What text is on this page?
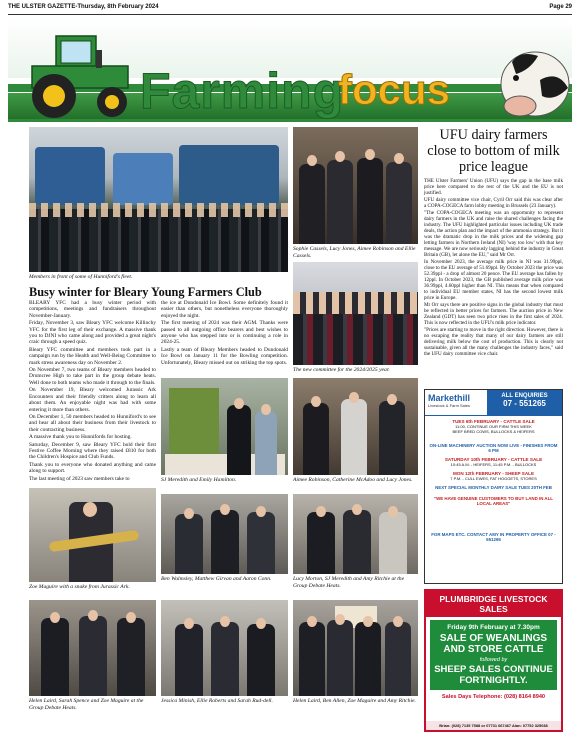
THE ULSTER GAZETTE-Thursday, 8th February 2024	Page 29
Farming
focus
Members in front of some of Hunniford's fleet.
Busy winter for Bleary Young Farmers Club

BLEARY YFC had a busy winter period with competitions, meetings and fundraisers throughout November-January.

Friday, November 3, saw Bleary YFC welcome Killinchy YFC for the first leg of their exchange. A massive thank you to DJNI who came along and provided a great night's craic through a speed quiz.

Bleary YFC committee and members took part in a campaign run by the Health and Well-Being Committee to mark stress awareness day on November 2.

On November 7, two teams of Bleary members headed to Drumcree High to take part in the group debate heats. Well done to both teams who made it through to the finals.

On November 19, Bleary welcomed Jurassic Ark Encounters and their friendly critters along to learn all about them. An enjoyable night was had with some entering it more than others.

On December 1, 50 members headed to Hunniford's to see and hear all about their business from their livestock to their contracting business.

A massive thank you to Hunnifords for hosting.

Saturday, December 9, saw Bleary YFC hold their first Festive Coffee Morning where they raised £810 for both the Children's Hospice and Club Funds.

Thank you to everyone who donated anything and came along to support.

The last meeting of 2023 saw members take to

the ice at Dundonald Ice Bowl. Some definitely found it easier than others, but nonetheless everyone thoroughly enjoyed the night.

The first meeting of 2024 was their AGM. Thanks were passed to all outgoing office bearers and best wishes to anyone who has stepped into or is continuing a role in 2024-25.

Lastly a team of Bleary Members headed to Dundonald Ice Bowl on January 11 for the Bowling competition. Unfortunately, Bleary missed out on striking the top spots.

Sophie Cassels, Lucy Jones, Aimee Robinson and Ellie Cassels.
The new committee for the 2024/2025 year.
UFU dairy farmers close to bottom of milk price league

THE Ulster Farmers' Union (UFU) says the gap in the base milk price here compared to the rest of the UK and the EU is not justified.

UFU dairy committee vice chair, Cyril Orr said this was clear after a COPA-COGECA farm lobby meeting in Brussels (23 January).

"The COPA-COGECA meeting was an opportunity to represent dairy farmers in the UK and raise the shared challenges facing the industry. The UFU highlighted particular issues including UK trade deals, the action plan and the impact of the ammonia strategy. But it was the dramatic drop in the milk prices and the widening gap letting farmers in Northern Ireland (NI) 'way too low' with that key message. We are now seriously lagging behind the industry in Great Britain (GB), let alone the EU," said Mr Orr.

In November 2023, the average milk price in NI was 31.99ppl, close to the EU average of 51.69ppl. By October 2023 the price was 52.39ppl - a drop of almost 20 pence. The EU average has fallen by 12ppl. In October 2023, the GB published average milk price was 36.99ppl, 4.60ppl higher than NI. This means that when compared to individual EU member states, NI has the second lowest milk price in Europe.

Mr Orr says there are positive signs in the global industry that must be reflected in better prices for farmers. The auction price in New Zealand (GDT) has seen two price rises in the first sales of 2024. This is now reflected in the UFU's milk price indicator.

"Prices are starting to move in the right direction. However, there is no escaping the reality that many of our dairy farmers are still delivering milk below the cost of production. This is clearly not sustainable, given all the many challenges the industry faces," said the UFU dairy committee vice chair.

SJ Meredith and Emily Hamilton.	Aimee Robinson, Catherine McAdoo and Lucy Jones.
Zoe Maguire with a snake from Jurassic Ark.
Ben Walmsley, Matthew Girvan and Aaron Conn.	Lucy Morton, SJ Meredith and Amy Ritchie at the Group Debate Heats.
Helen Laird, Sarah Spence and Zoe Maguire at the Group Debate Heats.
Jessica Minish, Ellie Roberts and Sarah Rud-dell.	Helen Laird, Ben Allen, Zoe Maguire and Amy Ritchie.
Markethill
Livestock & Farm Sales
ALL ENQUIRIES
07 - 551265
TUES 6th FEBRUARY - CATTLE SALE
11:00, CONTINUE OUR FIRM THIS WEEK
BEEF BRED COWS, BULLOCKS & HEIFERS
ON-LINE MACHINERY AUCTION NOW LIVE - FINISHES FROM 6 PM
SATURDAY 10th FEBRUARY - CATTLE SALE
10:45 A.M. - HEIFERS, 11:45 P.M. - BULLOCKS
MON 12th FEBRUARY - SHEEP SALE
7 P.M. - CULL EWES, FAT HOGGETS, STORES
NEXT SPECIAL MONTHLY DAIRY SALE TUES 20TH FEB
"WE HAVE GENUINE CUSTOMERS TO BUY LAND IN ALL LOCAL AREAS"
FOR MAPS ETC. CONTACT AMY IN PROPERTY OFFICE 07 - 551265
PLUMBRIDGE LIVESTOCK SALES
Friday 9th February at 7.30pm
SALE OF WEANLINGS AND STORE CATTLE
followed by
SHEEP SALES CONTINUE FORTNIGHTLY.
Sales Days Telephone: (028) 8164 8940
Brian: (028) 7135 7588 or 07731 667467 Alan: 07752 325038
